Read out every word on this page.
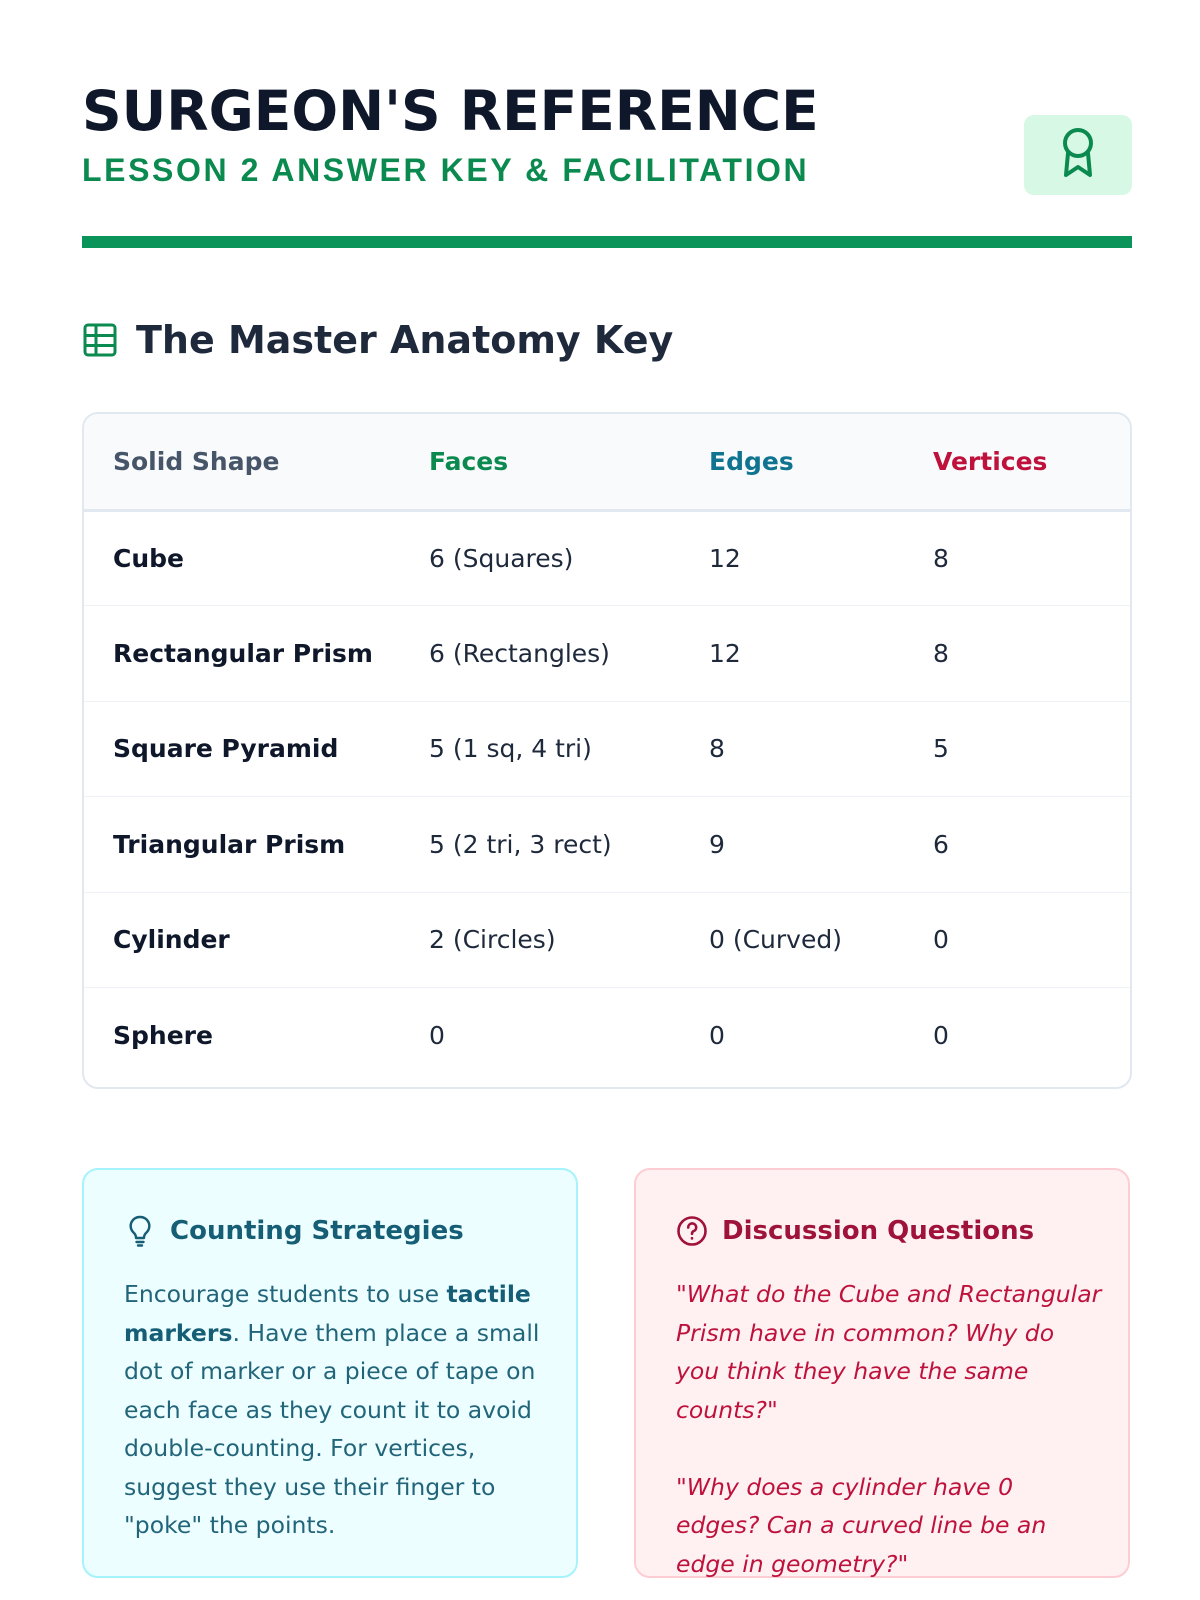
SURGEON'S REFERENCE
LESSON 2 ANSWER KEY & FACILITATION
The Master Anatomy Key
Solid Shape	Faces	Edges	Vertices
Cube	6 (Squares)	12	8
Rectangular Prism	6 (Rectangles)	12	8
Square Pyramid	5 (1 sq, 4 tri)	8	5
Triangular Prism	5 (2 tri, 3 rect)	9	6
Cylinder	2 (Circles)	0 (Curved)	0
Sphere	0	0	0
Counting Strategies
Encourage students to use tactile markers. Have them place a small dot of marker or a piece of tape on each face as they count it to avoid double-counting. For vertices, suggest they use their finger to "poke" the points.
Discussion Questions

"What do the Cube and Rectangular Prism have in common? Why do you think they have the same counts?"

"Why does a cylinder have 0 edges? Can a curved line be an edge in geometry?"
